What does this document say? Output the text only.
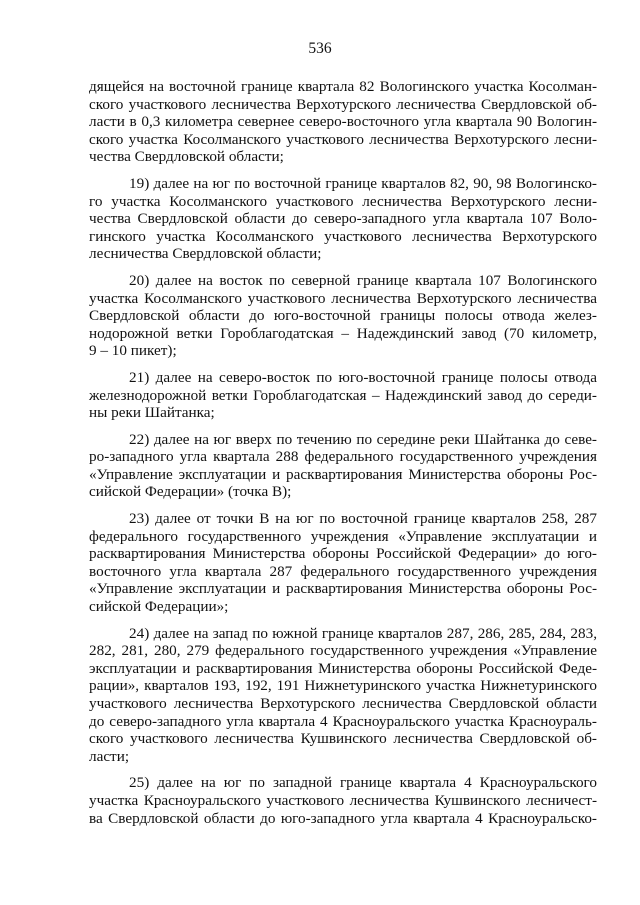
536
дящейся на восточной границе квартала 82 Вологинского участка Косолман-
ского участкового лесничества Верхотурского лесничества Свердловской об-
ласти в 0,3 километра севернее северо-восточного угла квартала 90 Вологин-
ского участка Косолманского участкового лесничества Верхотурского лесни-
чества Свердловской области;
19) далее на юг по восточной границе кварталов 82, 90, 98 Вологинско-
го участка Косолманского участкового лесничества Верхотурского лесни-
чества Свердловской области до северо-западного угла квартала 107 Воло-
гинского участка Косолманского участкового лесничества Верхотурского
лесничества Свердловской области;
20) далее на восток по северной границе квартала 107 Вологинского
участка Косолманского участкового лесничества Верхотурского лесничества
Свердловской области до юго-восточной границы полосы отвода желез-
нодорожной ветки Гороблагодатская – Надеждинский завод (70 километр,
9 – 10 пикет);
21) далее на северо-восток по юго-восточной границе полосы отвода
железнодорожной ветки Гороблагодатская – Надеждинский завод до середи-
ны реки Шайтанка;
22) далее на юг вверх по течению по середине реки Шайтанка до севе-
ро-западного угла квартала 288 федерального государственного учреждения
«Управление эксплуатации и расквартирования Министерства обороны Рос-
сийской Федерации» (точка В);
23) далее от точки В на юг по восточной границе кварталов 258, 287
федерального государственного учреждения «Управление эксплуатации и
расквартирования Министерства обороны Российской Федерации» до юго-
восточного угла квартала 287 федерального государственного учреждения
«Управление эксплуатации и расквартирования Министерства обороны Рос-
сийской Федерации»;
24) далее на запад по южной границе кварталов 287, 286, 285, 284, 283,
282, 281, 280, 279 федерального государственного учреждения «Управление
эксплуатации и расквартирования Министерства обороны Российской Феде-
рации», кварталов 193, 192, 191 Нижнетуринского участка Нижнетуринского
участкового лесничества Верхотурского лесничества Свердловской области
до северо-западного угла квартала 4 Красноуральского участка Красноураль-
ского участкового лесничества Кушвинского лесничества Свердловской об-
ласти;
25) далее на юг по западной границе квартала 4 Красноуральского
участка Красноуральского участкового лесничества Кушвинского лесничест-
ва Свердловской области до юго-западного угла квартала 4 Красноуральско-
